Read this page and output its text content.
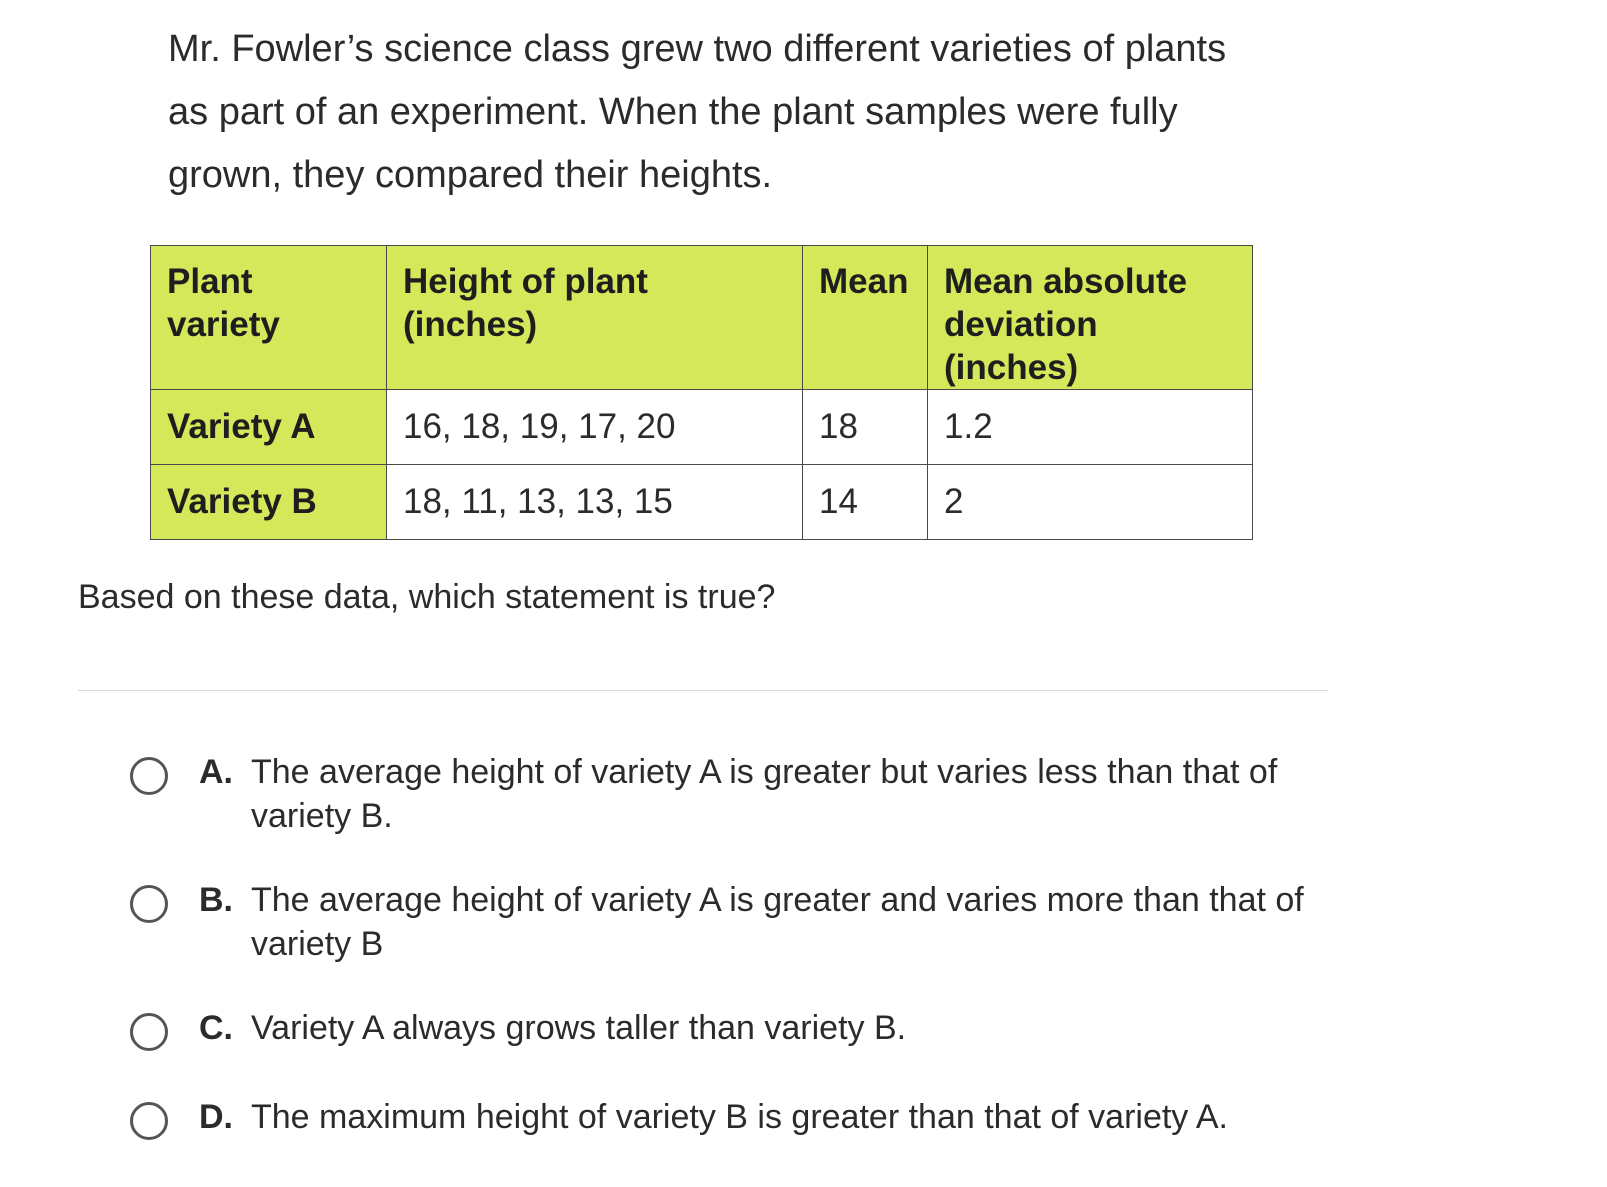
Mr. Fowler’s science class grew two different varieties of plants as part of an experiment. When the plant samples were fully grown, they compared their heights.

Plant variety	Height of plant (inches)	Mean	Mean absolute deviation (inches)
Variety A	16, 18, 19, 17, 20	18	1.2
Variety B	18, 11, 13, 13, 15	14	2

Based on these data, which statement is true?

A. The average height of variety A is greater but varies less than that of variety B.
B. The average height of variety A is greater and varies more than that of variety B
C. Variety A always grows taller than variety B.
D. The maximum height of variety B is greater than that of variety A.
